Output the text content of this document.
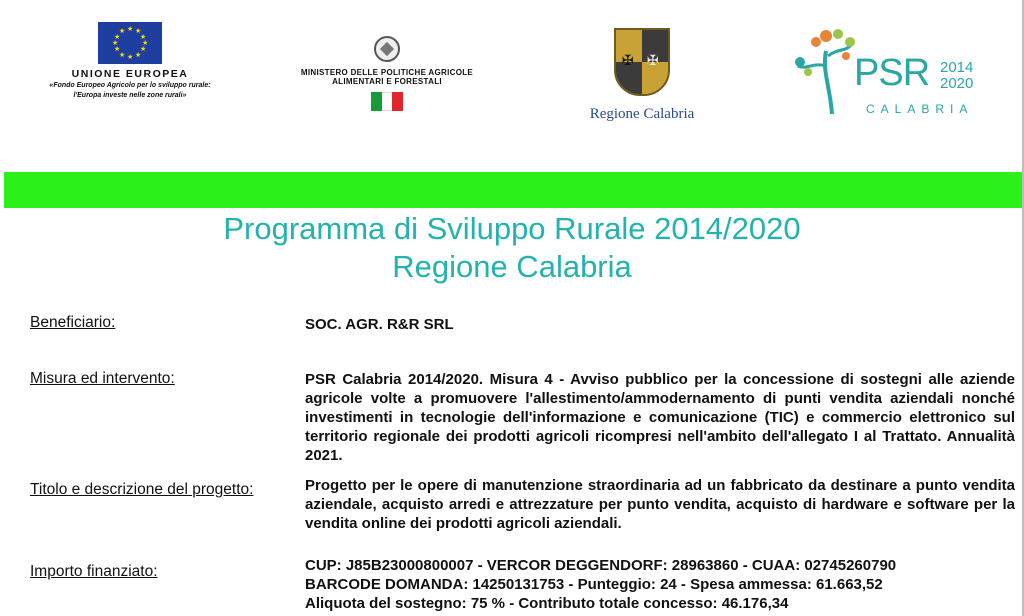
★ ★
★
★
★
★
★
★
★
★
★
★
UNIONE EUROPEA
«Fondo Europeo Agricolo per lo sviluppo rurale:
l'Europa investe nelle zone rurali»
MINISTERO DELLE POLITICHE AGRICOLE
ALIMENTARI E FORESTALI
✠ ✠
Regione Calabria
PSR 2014
2020
CALABRIA
Programma di Sviluppo Rurale 2014/2020
Regione Calabria
Beneficiario:	SOC. AGR. R&R SRL
Misura ed intervento:	PSR Calabria 2014/2020. Misura 4 - Avviso pubblico per la concessione di sostegni alle aziende agricole volte a promuovere l'allestimento/ammodernamento di punti vendita aziendali nonché investimenti in tecnologie dell'informazione e comunicazione (TIC) e commercio elettronico sul territorio regionale dei prodotti agricoli ricompresi nell'ambito dell'allegato I al Trattato. Annualità 2021.
Titolo e descrizione del progetto:	Progetto per le opere di manutenzione straordinaria ad un fabbricato da destinare a punto vendita aziendale, acquisto arredi e attrezzature per punto vendita, acquisto di hardware e software per la vendita online dei prodotti agricoli aziendali.
Importo finanziato:	CUP: J85B23000800007 - VERCOR DEGGENDORF: 28963860 - CUAA: 02745260790
BARCODE DOMANDA: 14250131753 - Punteggio: 24 - Spesa ammessa: 61.663,52
Aliquota del sostegno: 75 % - Contributo totale concesso: 46.176,34
